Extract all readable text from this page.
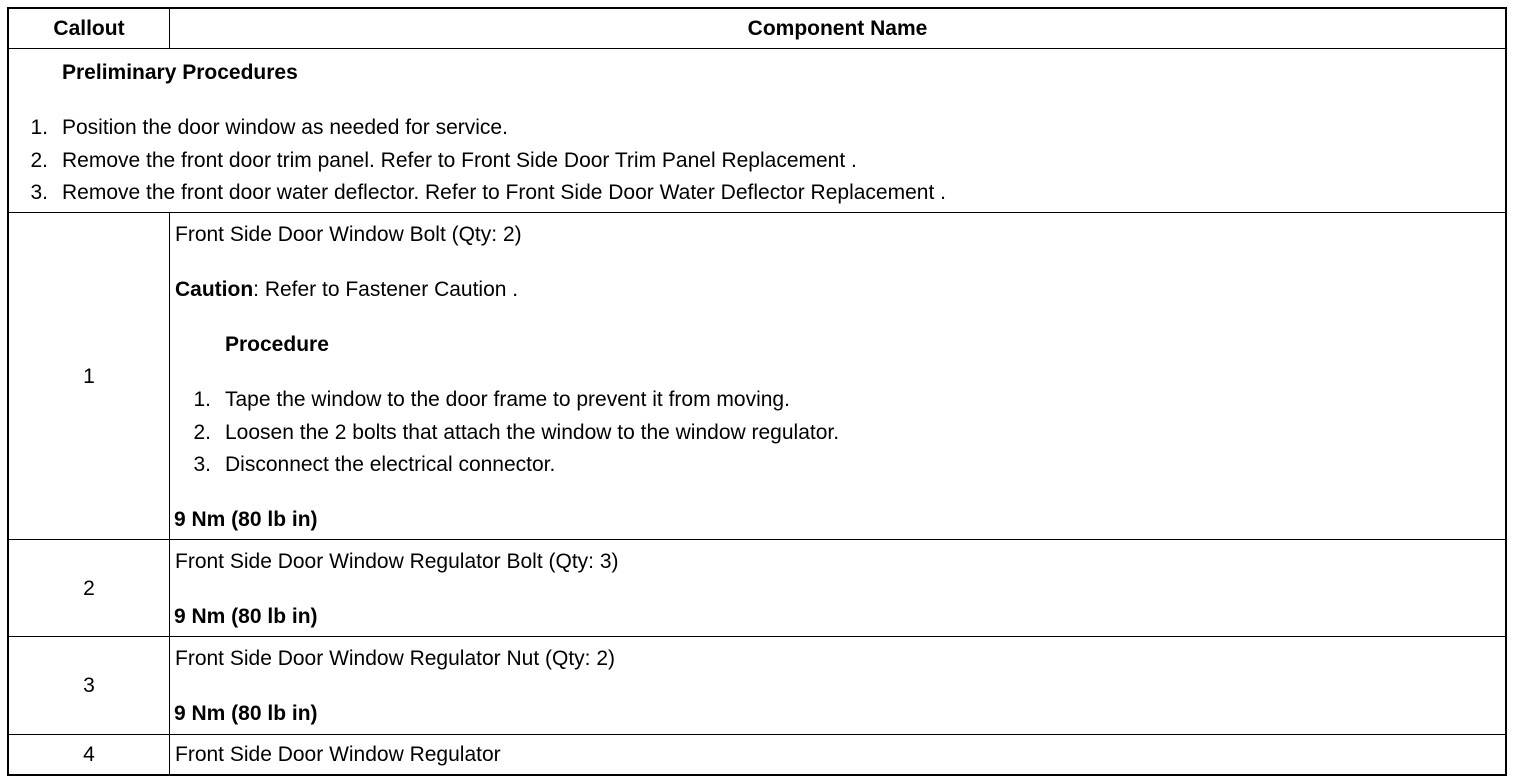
Callout	Component Name
Preliminary Procedures
1. Position the door window as needed for service.
2. Remove the front door trim panel. Refer to Front Side Door Trim Panel Replacement .
3. Remove the front door water deflector. Refer to Front Side Door Water Deflector Replacement .
1
Front Side Door Window Bolt (Qty: 2)
Caution: Refer to Fastener Caution .
Procedure
1. Tape the window to the door frame to prevent it from moving.
2. Loosen the 2 bolts that attach the window to the window regulator.
3. Disconnect the electrical connector.
9 Nm (80 lb in)
2
Front Side Door Window Regulator Bolt (Qty: 3)
9 Nm (80 lb in)
3
Front Side Door Window Regulator Nut (Qty: 2)
9 Nm (80 lb in)
4	Front Side Door Window Regulator
